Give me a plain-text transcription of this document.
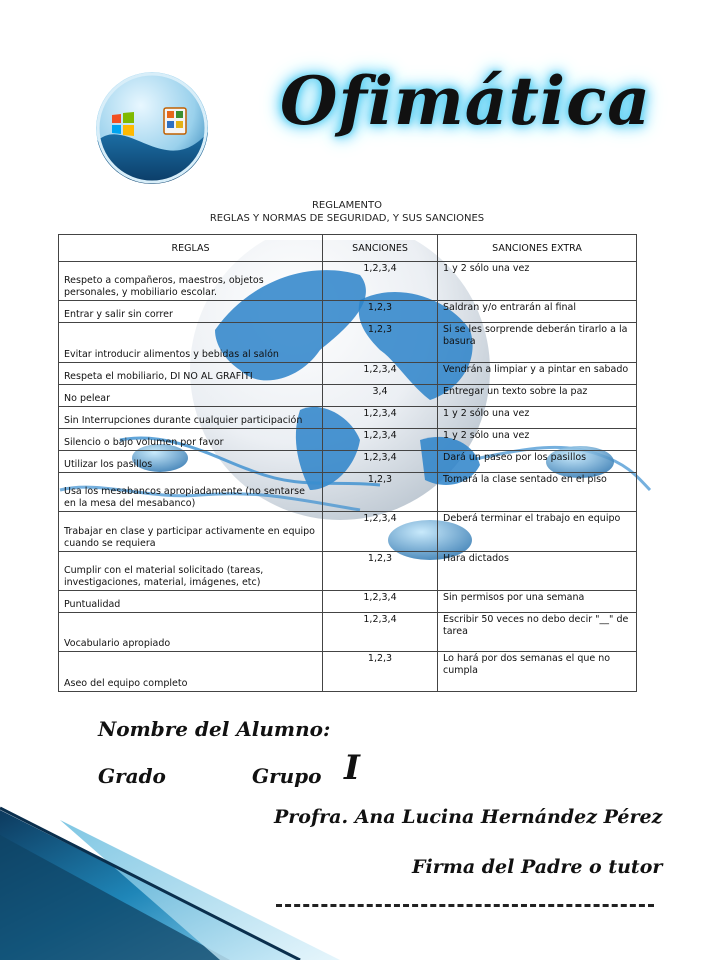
Ofimática
REGLAMENTO
REGLAS Y NORMAS DE SEGURIDAD, Y SUS SANCIONES
REGLAS	SANCIONES	SANCIONES EXTRA
Respeto a compañeros, maestros, objetos personales, y mobiliario escolar.	1,2,3,4	1 y 2 sólo una vez
Entrar y salir sin correr	1,2,3	Saldran y/o entrarán al final
Evitar introducir alimentos y bebidas al salón	1,2,3	Si se les sorprende deberán tirarlo a la basura
Respeta el mobiliario, DI NO AL GRAFITI	1,2,3,4	Vendrán a limpiar y a pintar en sabado
No pelear	3,4	Entregar un texto sobre la paz
Sin Interrupciones durante cualquier participación	1,2,3,4	1 y 2 sólo una vez
Silencio o bajo volumen por favor	1,2,3,4	1 y 2 sólo una vez
Utilizar los pasillos	1,2,3,4	Dará un paseo por los pasillos
Usa los mesabancos apropiadamente (no sentarse en la mesa del mesabanco)	1,2,3	Tomará la clase sentado en el piso
Trabajar en clase y participar activamente en equipo cuando se requiera	1,2,3,4	Deberá terminar el trabajo en equipo
Cumplir con el material solicitado (tareas, investigaciones, material, imágenes, etc)	1,2,3	Hara dictados
Puntualidad	1,2,3,4	Sin permisos por una semana
Vocabulario apropiado	1,2,3,4	Escribir 50 veces no debo decir "__" de tarea
Aseo del equipo completo	1,2,3	Lo hará por dos semanas el que no cumpla
Nombre del Alumno:
Grado	Grupo I
Profra. Ana Lucina Hernández Pérez
Firma del Padre o tutor
